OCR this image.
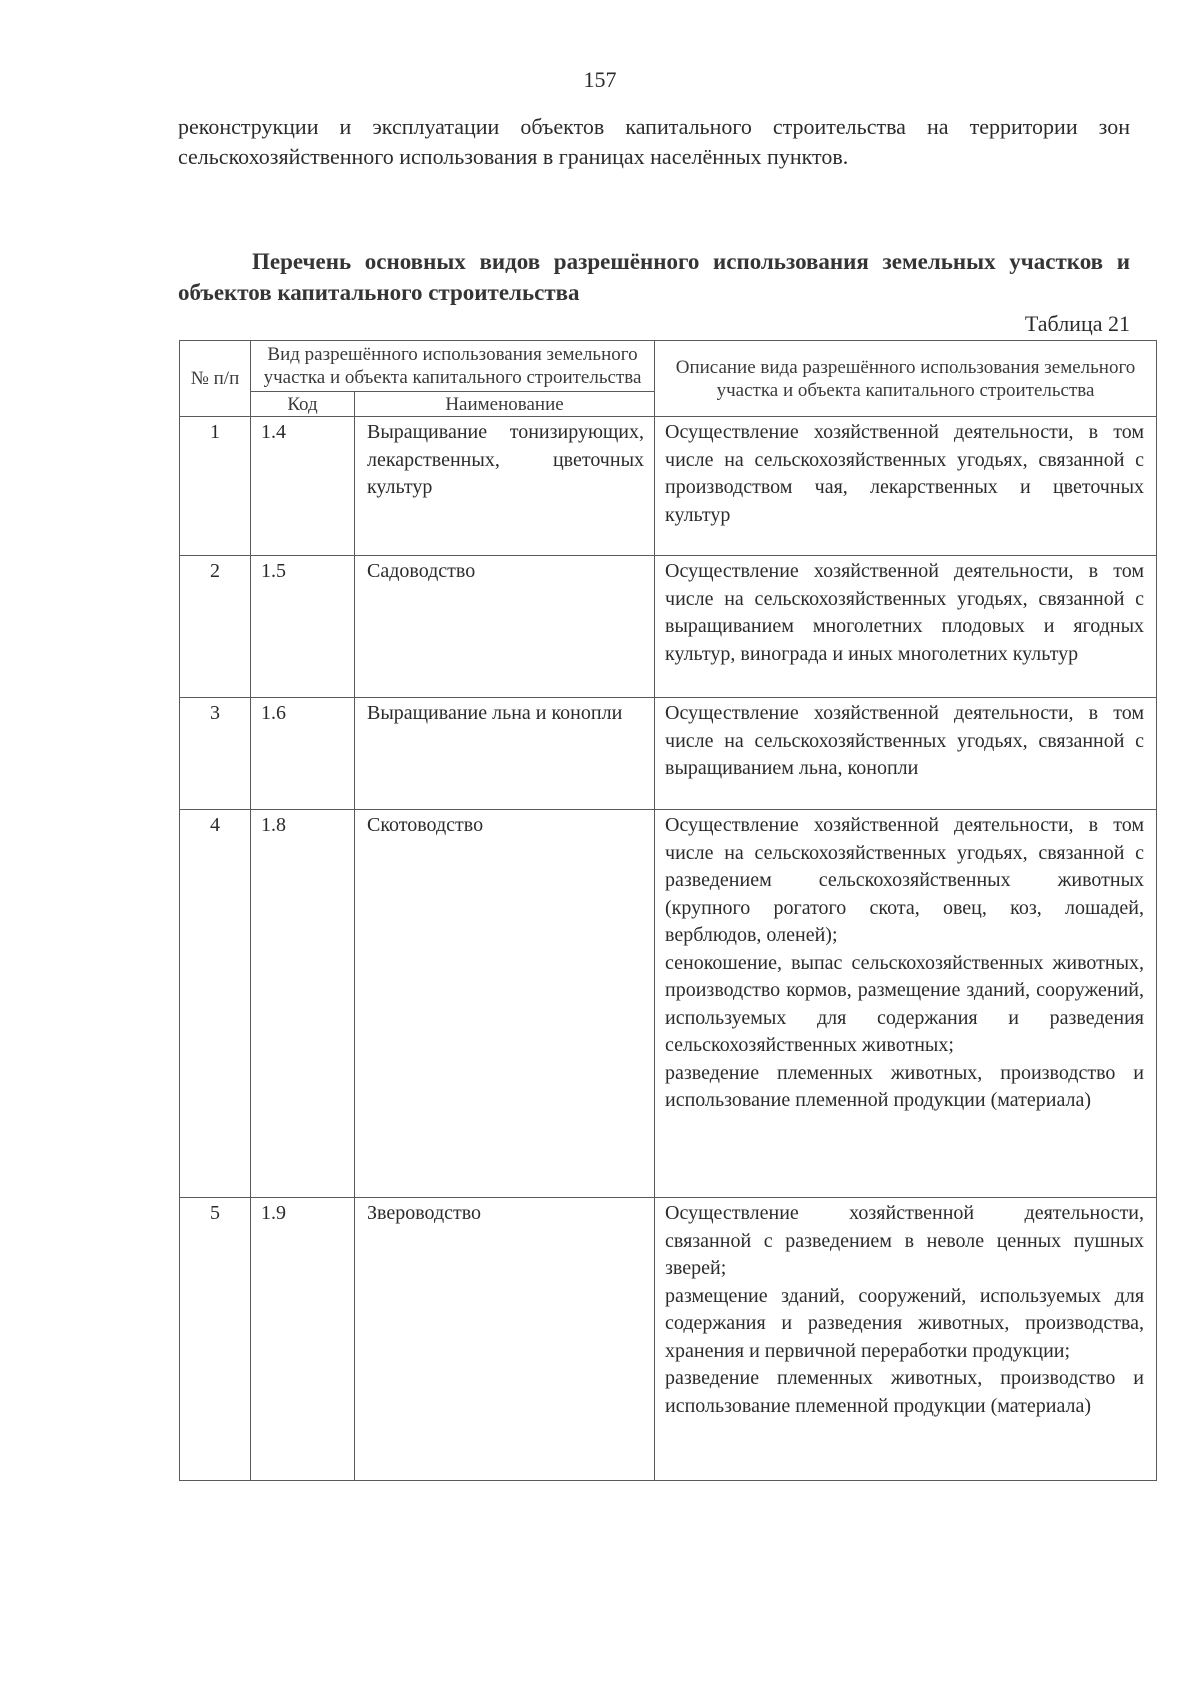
157

реконструкции и эксплуатации объектов капитального строительства на территории зон сельскохозяйственного использования в границах населённых пунктов.

Перечень основных видов разрешённого использования земельных участков и объектов капитального строительства
Таблица 21
№ п/п	Вид разрешённого использования земельного участка и объекта капитального строительства		Описание вида разрешённого использования земельного участка и объекта капитального строительства
	Код	Наименование	
1	1.4	Выращивание тонизирующих, лекарственных, цветочных культур	Осуществление хозяйственной деятельности, в том числе на сельскохозяйственных угодьях, связанной с производством чая, лекарственных и цветочных культур

2	1.5	Садоводство	Осуществление хозяйственной деятельности, в том числе на сельскохозяйственных угодьях, связанной с выращиванием многолетних плодовых и ягодных культур, винограда и иных многолетних культур

3	1.6	Выращивание льна и конопли	Осуществление хозяйственной деятельности, в том числе на сельскохозяйственных угодьях, связанной с выращиванием льна, конопли

4	1.8	Скотоводство	Осуществление хозяйственной деятельности, в том числе на сельскохозяйственных угодьях, связанной с разведением сельскохозяйственных животных (крупного рогатого скота, овец, коз, лошадей, верблюдов, оленей);

сенокошение, выпас сельскохозяйственных животных, производство кормов, размещение зданий, сооружений, используемых для содержания и разведения сельскохозяйственных животных;

разведение племенных животных, производство и использование племенной продукции (материала)

5	1.9	Звероводство	Осуществление хозяйственной деятельности, связанной с разведением в неволе ценных пушных зверей;

размещение зданий, сооружений, используемых для содержания и разведения животных, производства, хранения и первичной переработки продукции;

разведение племенных животных, производство и использование племенной продукции (материала)
